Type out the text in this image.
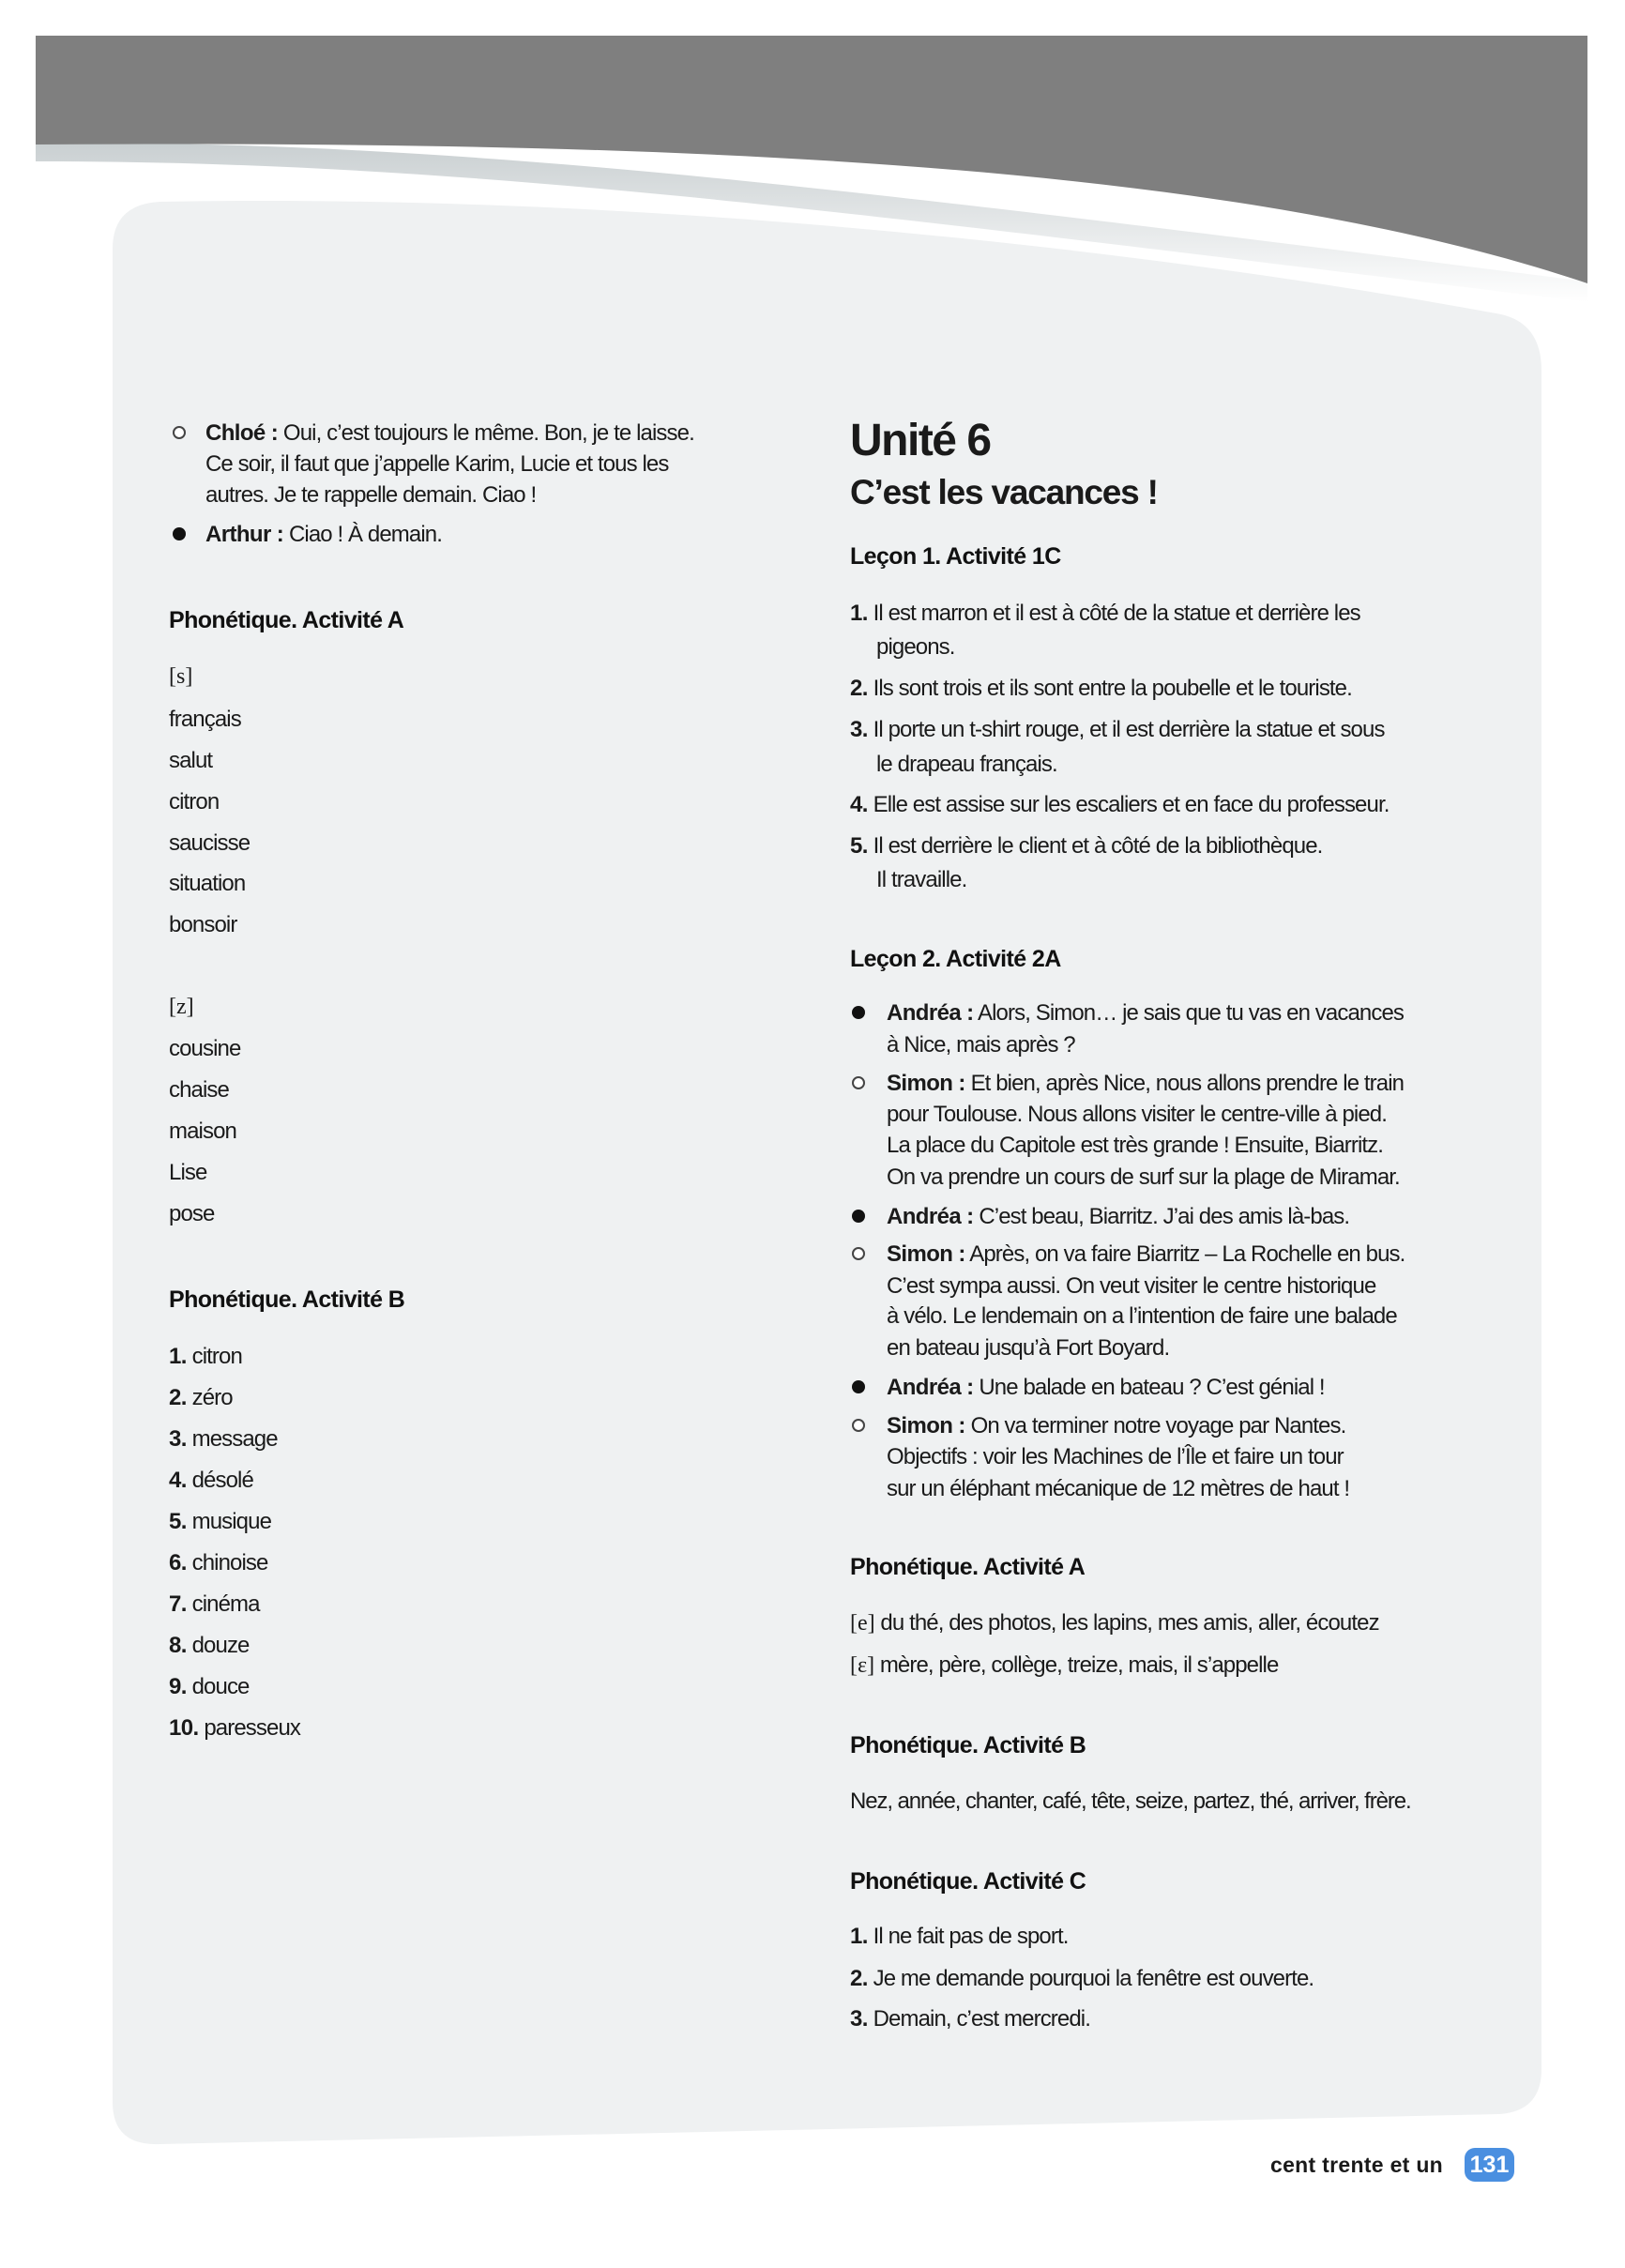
Chloé : Oui, c’est toujours le même. Bon, je te laisse.
Ce soir, il faut que j’appelle Karim, Lucie et tous les
autres. Je te rappelle demain. Ciao !
Arthur : Ciao ! À demain.
Phonétique. Activité A
[s]
français
salut
citron
saucisse
situation
bonsoir
[z]
cousine
chaise
maison
Lise
pose
Phonétique. Activité B
1. citron
2. zéro
3. message
4. désolé
5. musique
6. chinoise
7. cinéma
8. douze
9. douce
10. paresseux
Unité 6
C’est les vacances !
Leçon 1. Activité 1C
1. Il est marron et il est à côté de la statue et derrière les
pigeons.
2. Ils sont trois et ils sont entre la poubelle et le touriste.
3. Il porte un t-shirt rouge, et il est derrière la statue et sous
le drapeau français.
4. Elle est assise sur les escaliers et en face du professeur.
5. Il est derrière le client et à côté de la bibliothèque.
Il travaille.
Leçon 2. Activité 2A
Andréa : Alors, Simon… je sais que tu vas en vacances
à Nice, mais après ?
Simon : Et bien, après Nice, nous allons prendre le train
pour Toulouse. Nous allons visiter le centre-ville à pied.
La place du Capitole est très grande ! Ensuite, Biarritz.
On va prendre un cours de surf sur la plage de Miramar.
Andréa : C’est beau, Biarritz. J’ai des amis là-bas.
Simon : Après, on va faire Biarritz – La Rochelle en bus.
C’est sympa aussi. On veut visiter le centre historique
à vélo. Le lendemain on a l’intention de faire une balade
en bateau jusqu’à Fort Boyard.
Andréa : Une balade en bateau ? C’est génial !
Simon : On va terminer notre voyage par Nantes.
Objectifs : voir les Machines de l’Île et faire un tour
sur un éléphant mécanique de 12 mètres de haut !
Phonétique. Activité A
[e] du thé, des photos, les lapins, mes amis, aller, écoutez
[ɛ] mère, père, collège, treize, mais, il s’appelle
Phonétique. Activité B
Nez, année, chanter, café, tête, seize, partez, thé, arriver, frère.
Phonétique. Activité C
1. Il ne fait pas de sport.
2. Je me demande pourquoi la fenêtre est ouverte.
3. Demain, c’est mercredi.
cent trente et un 131
